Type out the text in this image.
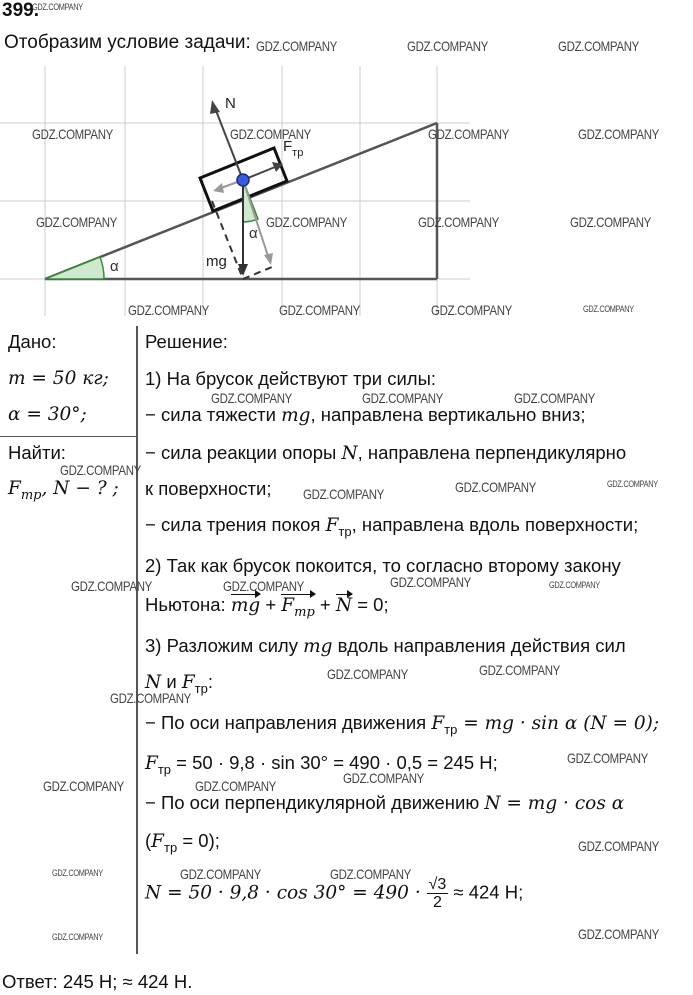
399.
Отобразим условие задачи:
α
α
N
$F_{тр}$
mg
Дано:
m = 50 кг;
α = 30°;
Найти:
$F_{тр}$, N − ? ;
Решение:
1) На брусок действуют три силы:
− сила тяжести mg, направлена вертикально вниз;
− сила реакции опоры N, направлена перпендикулярно
к поверхности;
− сила трения покоя $F_{тр}$, направлена вдоль поверхности;
2) Так как брусок покоится, то согласно второму закону
Ньютона: mg + $F_{тр} + N = 0$;
3) Разложим силу mg вдоль направления действия сил
N и $F_{тр}$:
− По оси направления движения $F_{тр}$ = mg · sin α (N = 0);
$F_{тр} = 50 \cdot 9,8 \cdot \sin 30^\circ = 490 \cdot 0,5 = 245$ Н;
− По оси перпендикулярной движению N = mg · cos α
$(F_{тр} = 0)$;
$N = 50 \cdot 9,8 \cdot \cos 30^\circ = 490 \cdot \frac{√3}{2} \approx 424$ Н;
Ответ: 245 Н; ≈ 424 Н.
GDZ.COMPANY
GDZ.COMPANY	GDZ.COMPANY	GDZ.COMPANY
GDZ.COMPANY	GDZ.COMPANY	GDZ.COMPANY	GDZ.COMPANY
GDZ.COMPANY	GDZ.COMPANY	GDZ.COMPANY	GDZ.COMPANY
GDZ.COMPANY	GDZ.COMPANY	GDZ.COMPANY	GDZ.COMPANY
GDZ.COMPANY	GDZ.COMPANY	GDZ.COMPANY
GDZ.COMPANY
GDZ.COMPANY	GDZ.COMPANY	GDZ.COMPANY
GDZ.COMPANY	GDZ.COMPANY	GDZ.COMPANY	GDZ.COMPANY
GDZ.COMPANY	GDZ.COMPANY
GDZ.COMPANY
GDZ.COMPANY
GDZ.COMPANY
GDZ.COMPANY	GDZ.COMPANY
GDZ.COMPANY
GDZ.COMPANY	GDZ.COMPANY	GDZ.COMPANY
GDZ.COMPANY	GDZ.COMPANY
